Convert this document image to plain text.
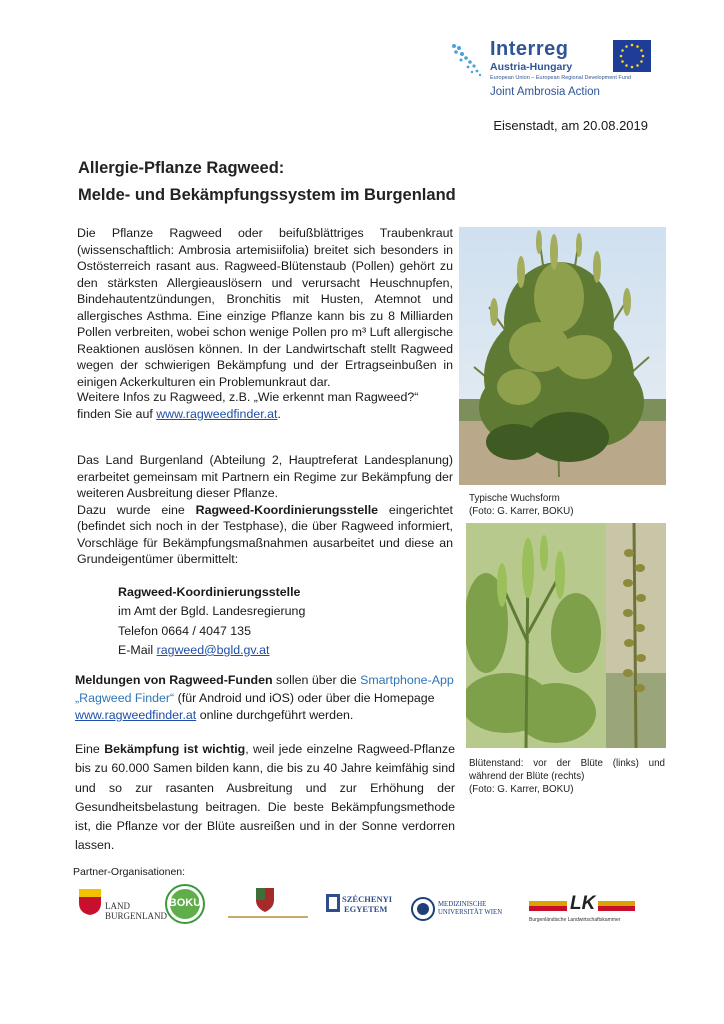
Interreg
Austria-Hungary
European Union – European Regional Development Fund
Joint Ambrosia Action
Eisenstadt, am 20.08.2019
Allergie-Pflanze Ragweed:
Melde- und Bekämpfungssystem im Burgenland

Die Pflanze Ragweed oder beifußblättriges Traubenkraut (wissenschaftlich: Ambrosia artemisiifolia) breitet sich besonders in Ostösterreich rasant aus. Ragweed-Blütenstaub (Pollen) gehört zu den stärksten Allergieauslösern und verursacht Heuschnupfen, Bindehautentzündungen, Bronchitis mit Husten, Atemnot und allergisches Asthma. Eine einzige Pflanze kann bis zu 8 Milliarden Pollen verbreiten, wobei schon wenige Pollen pro m³ Luft allergische Reaktionen auslösen können. In der Landwirtschaft stellt Ragweed wegen der schwierigen Bekämpfung und der Ertragseinbußen in einigen Ackerkulturen ein Problemunkraut dar.

Weitere Infos zu Ragweed, z.B. „Wie erkennt man Ragweed?“ finden Sie auf www.ragweedfinder.at.

Das Land Burgenland (Abteilung 2, Hauptreferat Landesplanung) erarbeitet gemeinsam mit Partnern ein Regime zur Bekämpfung der weiteren Ausbreitung dieser Pflanze.

Dazu wurde eine Ragweed-Koordinierungsstelle eingerichtet (befindet sich noch in der Testphase), die über Ragweed informiert, Vorschläge für Bekämpfungsmaßnahmen ausarbeitet und diese an Grundeigentümer übermittelt:

Ragweed-Koordinierungsstelle
im Amt der Bgld. Landesregierung
Telefon 0664 / 4047 135
E-Mail ragweed@bgld.gv.at

Meldungen von Ragweed-Funden sollen über die Smartphone-App „Ragweed Finder“ (für Android und iOS) oder über die Homepage www.ragweedfinder.at online durchgeführt werden.

Eine Bekämpfung ist wichtig, weil jede einzelne Ragweed-Pflanze bis zu 60.000 Samen bilden kann, die bis zu 40 Jahre keimfähig sind und so zur rasanten Ausbreitung und zur Erhöhung der Gesundheitsbelastung beitragen. Die beste Bekämpfungsmethode ist, die Pflanze vor der Blüte ausreißen und in der Sonne verdorren lassen.

Typische Wuchsform
(Foto: G. Karrer, BOKU)
Blütenstand: vor der Blüte (links) und während der Blüte (rechts)
(Foto: G. Karrer, BOKU)
Partner-Organisationen:
LAND BURGENLAND
BOKU	SZÉCHENYI
EGYETEM	MEDIZINISCHE
UNIVERSITÄT WIEN	LK
Burgenländische Landwirtschaftskammer
